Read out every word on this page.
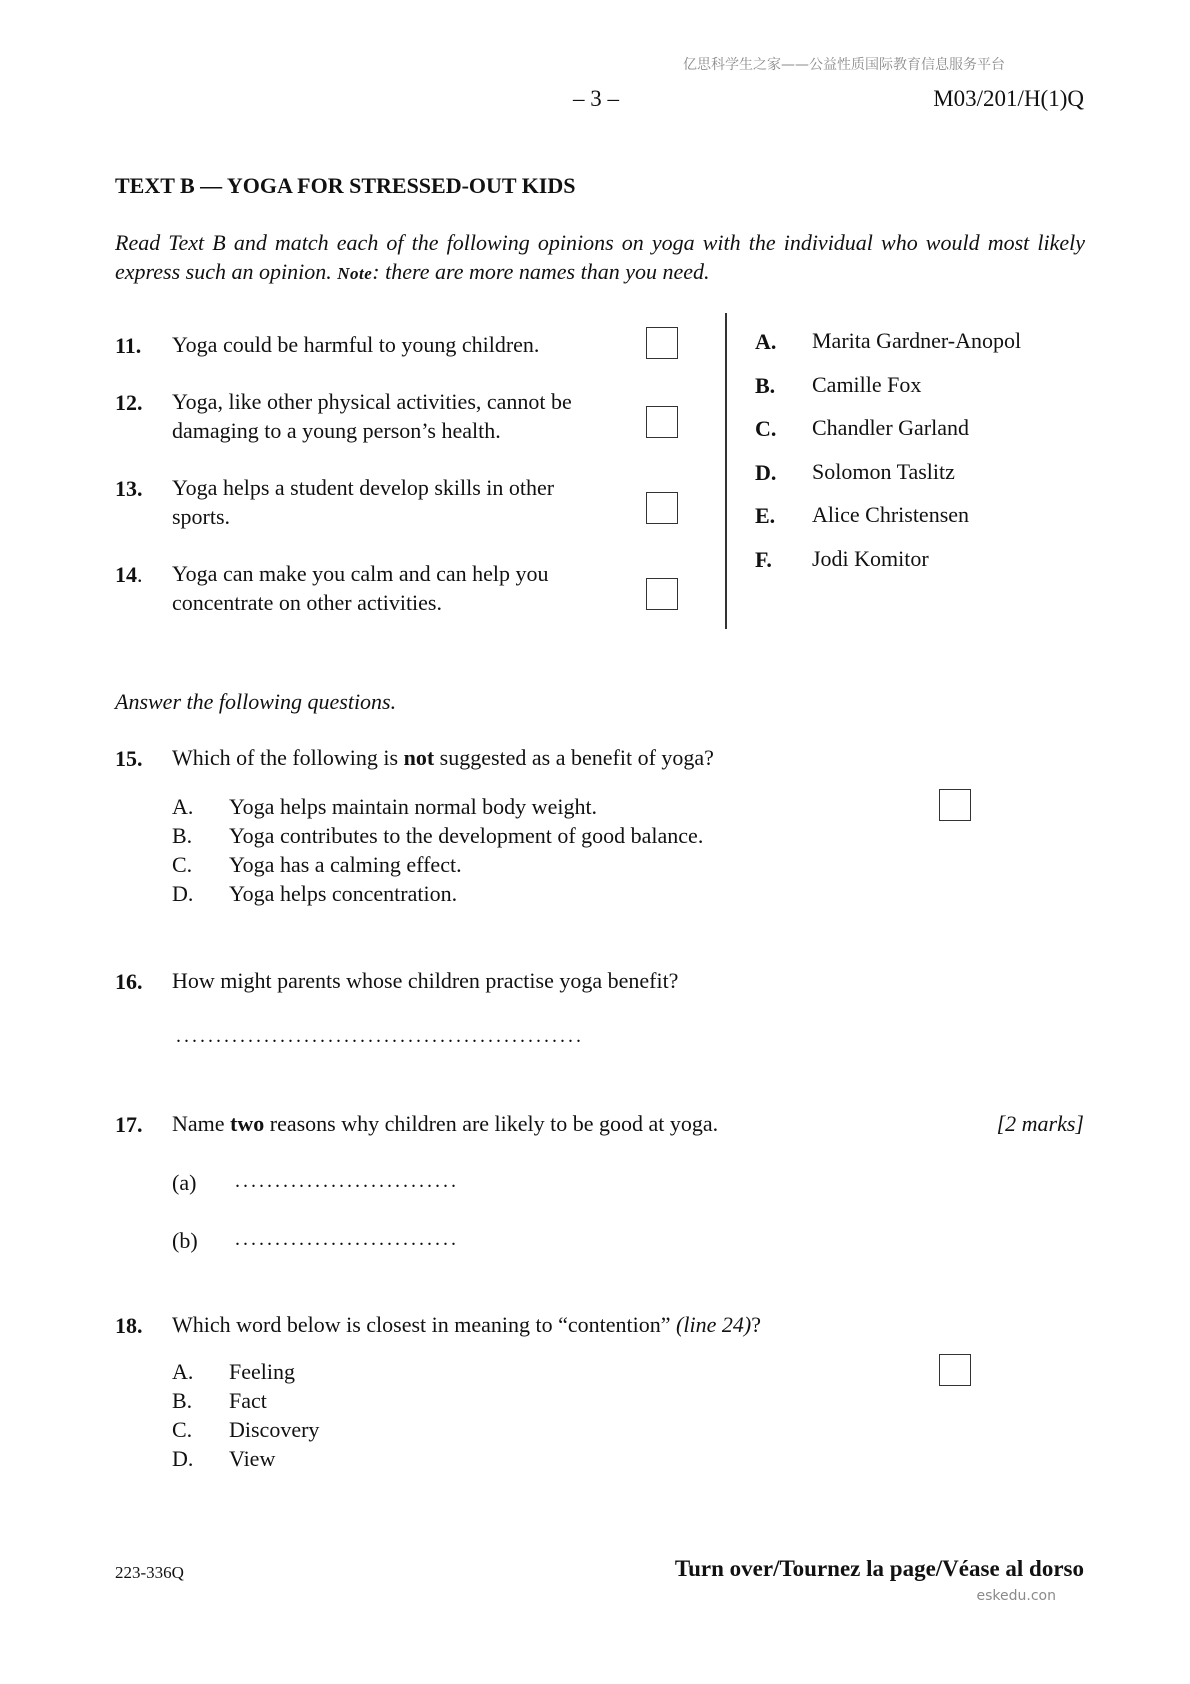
亿思科学生之家——公益性质国际教育信息服务平台
– 3 –	M03/201/H(1)Q
TEXT B — YOGA FOR STRESSED-OUT KIDS
Read Text B and match each of the following opinions on yoga with the individual who would most likely express such an opinion. Note: there are more names than you need.
11. Yoga could be harmful to young children.
12. Yoga, like other physical activities, cannot be damaging to a young person’s health.
13. Yoga helps a student develop skills in other sports.
14. Yoga can make you calm and can help you concentrate on other activities.
A. Marita Gardner-Anopol
B. Camille Fox
C. Chandler Garland
D. Solomon Taslitz
E. Alice Christensen
F. Jodi Komitor
Answer the following questions.
15. Which of the following is not suggested as a benefit of yoga?
A. Yoga helps maintain normal body weight.
B. Yoga contributes to the development of good balance.
C. Yoga has a calming effect.
D. Yoga helps concentration.
16. How might parents whose children practise yoga benefit?
...................................................
17. Name two reasons why children are likely to be good at yoga.	[2 marks]
(a) ............................
(b) ............................
18. Which word below is closest in meaning to “contention” (line 24)?
A. Feeling
B. Fact
C. Discovery
D. View
223-336Q	Turn over/Tournez la page/Véase al dorso
eskedu.con
